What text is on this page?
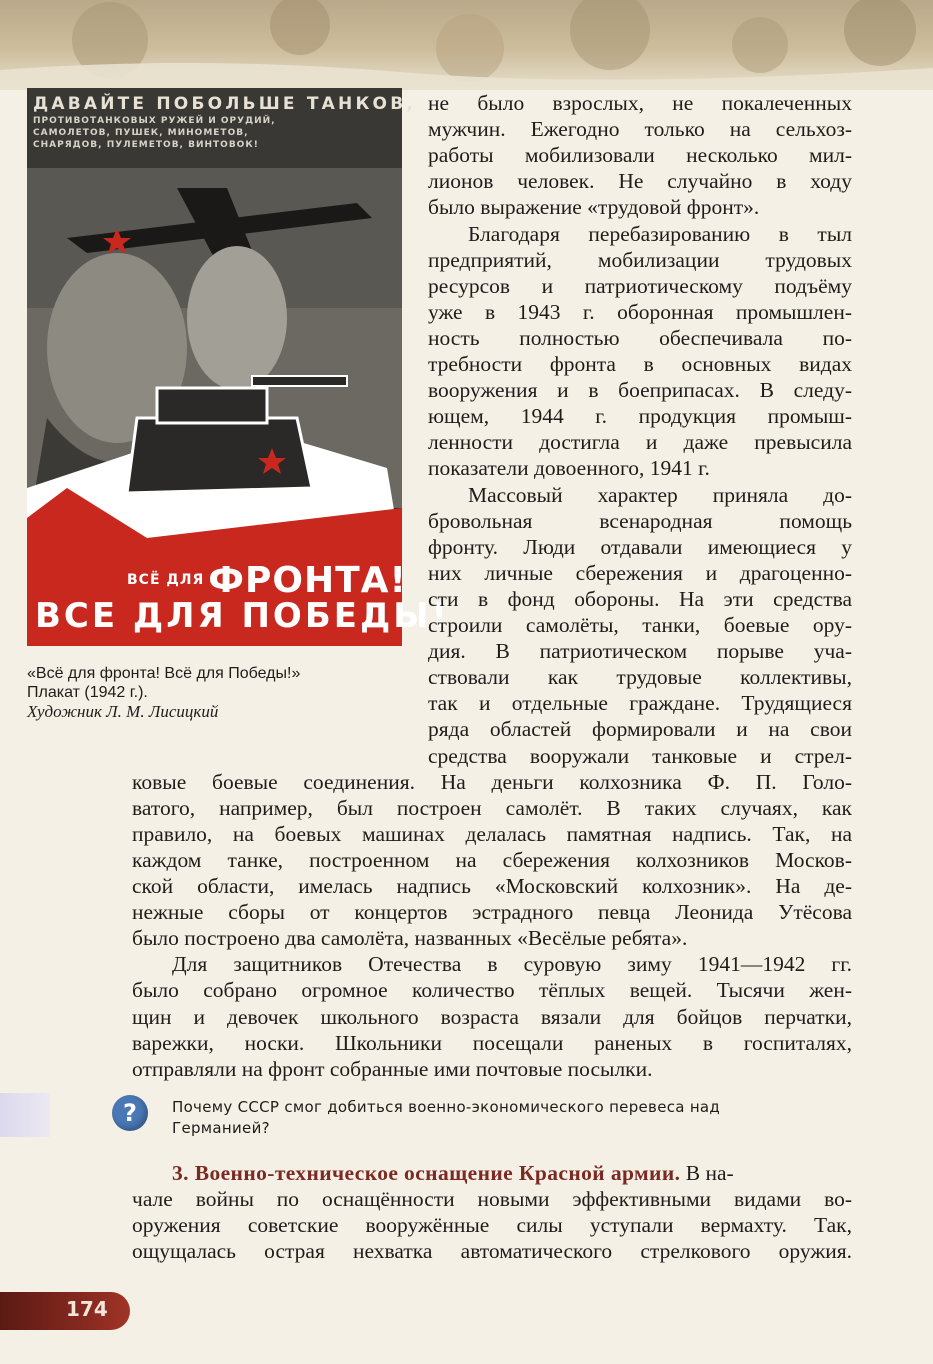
ДАВАЙТЕ ПОБОЛЬШЕ ТАНКОВ,
ПРОТИВОТАНКОВЫХ РУЖЕЙ И ОРУДИЙ,
САМОЛЕТОВ, ПУШЕК, МИНОМЕТОВ,
СНАРЯДОВ, ПУЛЕМЕТОВ, ВИНТОВОК!
ВСЁ ДЛЯ ФРОНТА!
ВСЕ ДЛЯ ПОБЕДЫ!
«Всё для фронта! Всё для Победы!»
Плакат (1942 г.).
Художник Л. М. Лисицкий
не было взрослых, не покалеченных
мужчин. Ежегодно только на сельхоз-
работы мобилизовали несколько мил-
лионов человек. Не случайно в ходу
было выражение «трудовой фронт».
Благодаря перебазированию в тыл
предприятий, мобилизации трудовых
ресурсов и патриотическому подъёму
уже в 1943 г. оборонная промышлен-
ность полностью обеспечивала по-
требности фронта в основных видах
вооружения и в боеприпасах. В следу-
ющем, 1944 г. продукция промыш-
ленности достигла и даже превысила
показатели довоенного, 1941 г.
Массовый характер приняла до-
бровольная всенародная помощь
фронту. Люди отдавали имеющиеся у
них личные сбережения и драгоценно-
сти в фонд обороны. На эти средства
строили самолёты, танки, боевые ору-
дия. В патриотическом порыве уча-
ствовали как трудовые коллективы,
так и отдельные граждане. Трудящиеся
ряда областей формировали и на свои
средства вооружали танковые и стрел-
ковые боевые соединения. На деньги колхозника Ф. П. Голо-
ватого, например, был построен самолёт. В таких случаях, как
правило, на боевых машинах делалась памятная надпись. Так, на
каждом танке, построенном на сбережения колхозников Москов-
ской области, имелась надпись «Московский колхозник». На де-
нежные сборы от концертов эстрадного певца Леонида Утёсова
было построено два самолёта, названных «Весёлые ребята».
Для защитников Отечества в суровую зиму 1941—1942 гг.
было собрано огромное количество тёплых вещей. Тысячи жен-
щин и девочек школьного возраста вязали для бойцов перчатки,
варежки, носки. Школьники посещали раненых в госпиталях,
отправляли на фронт собранные ими почтовые посылки.
?	Почему СССР смог добиться военно-экономического перевеса над
Германией?
3. Военно-техническое оснащение Красной армии. В на-
чале войны по оснащённости новыми эффективными видами во-
оружения советские вооружённые силы уступали вермахту. Так,
ощущалась острая нехватка автоматического стрелкового оружия.
174
